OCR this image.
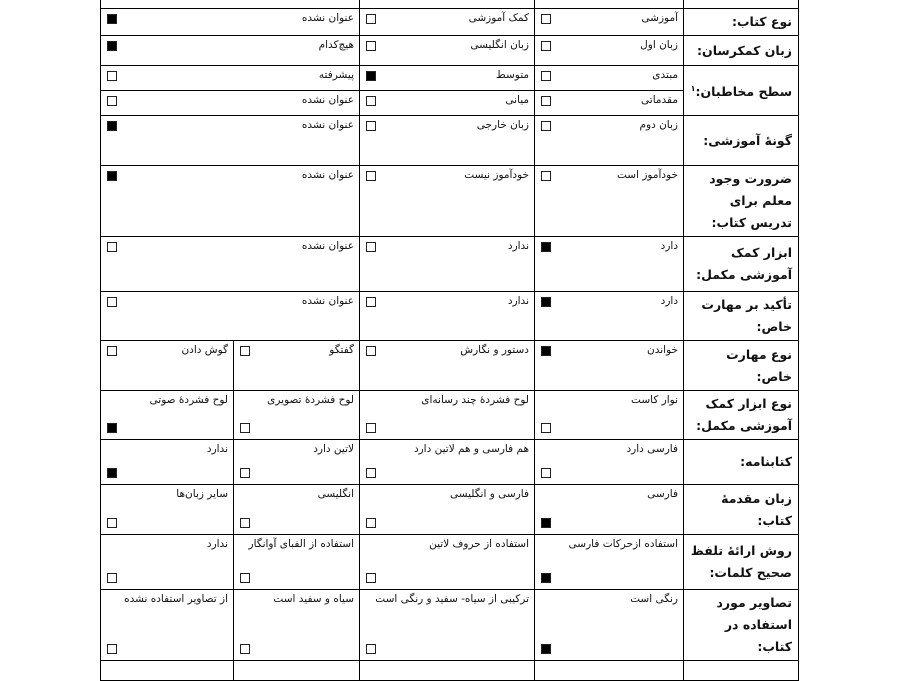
نوع کتاب:	آموزشی	کمک آموزشی	عنوان نشده	

زبان کمکرسان:	زبان اول	زبان انگلیسی	هیچ‌کدام	

سطح مخاطبان:$^۱$	مبتدی	متوسط	پیشرفته	

	مقدماتی	میانی	عنوان نشده	

گونهٔ آموزشی:	زبان دوم	زبان خارجی	عنوان نشده	

ضرورت وجود معلم برای تدریس کتاب:	خودآموز است	خودآموز نیست	عنوان نشده	

ابزار کمک آموزشی مکمل:	دارد	ندارد	عنوان نشده	

تأکید بر مهارت خاص:	دارد	ندارد	عنوان نشده	

نوع مهارت خاص:	خواندن	دستور و نگارش	گفتگو	گوش دادن

نوع ابزار کمک آموزشی مکمل:	نوار کاست	لوح فشردهٔ چند رسانه‌ای	لوح فشردهٔ تصویری	لوح فشردهٔ صوتی

کتابنامه:	فارسی دارد	هم فارسی و هم لاتین دارد	لاتین دارد	ندارد

زبان مقدمهٔ کتاب:	فارسی	فارسی و انگلیسی	انگلیسی	سایر زبان‌ها

روش ارائهٔ تلفظ صحیح کلمات:	استفاده ازحرکات فارسی	استفاده از حروف لاتین	استفاده از الفبای آوانگار	ندارد

تصاویر مورد استفاده در کتاب:	رنگی است	ترکیبی از سیاه- سفید و رنگی است	سیاه و سفید است	از تصاویر استفاده نشده
